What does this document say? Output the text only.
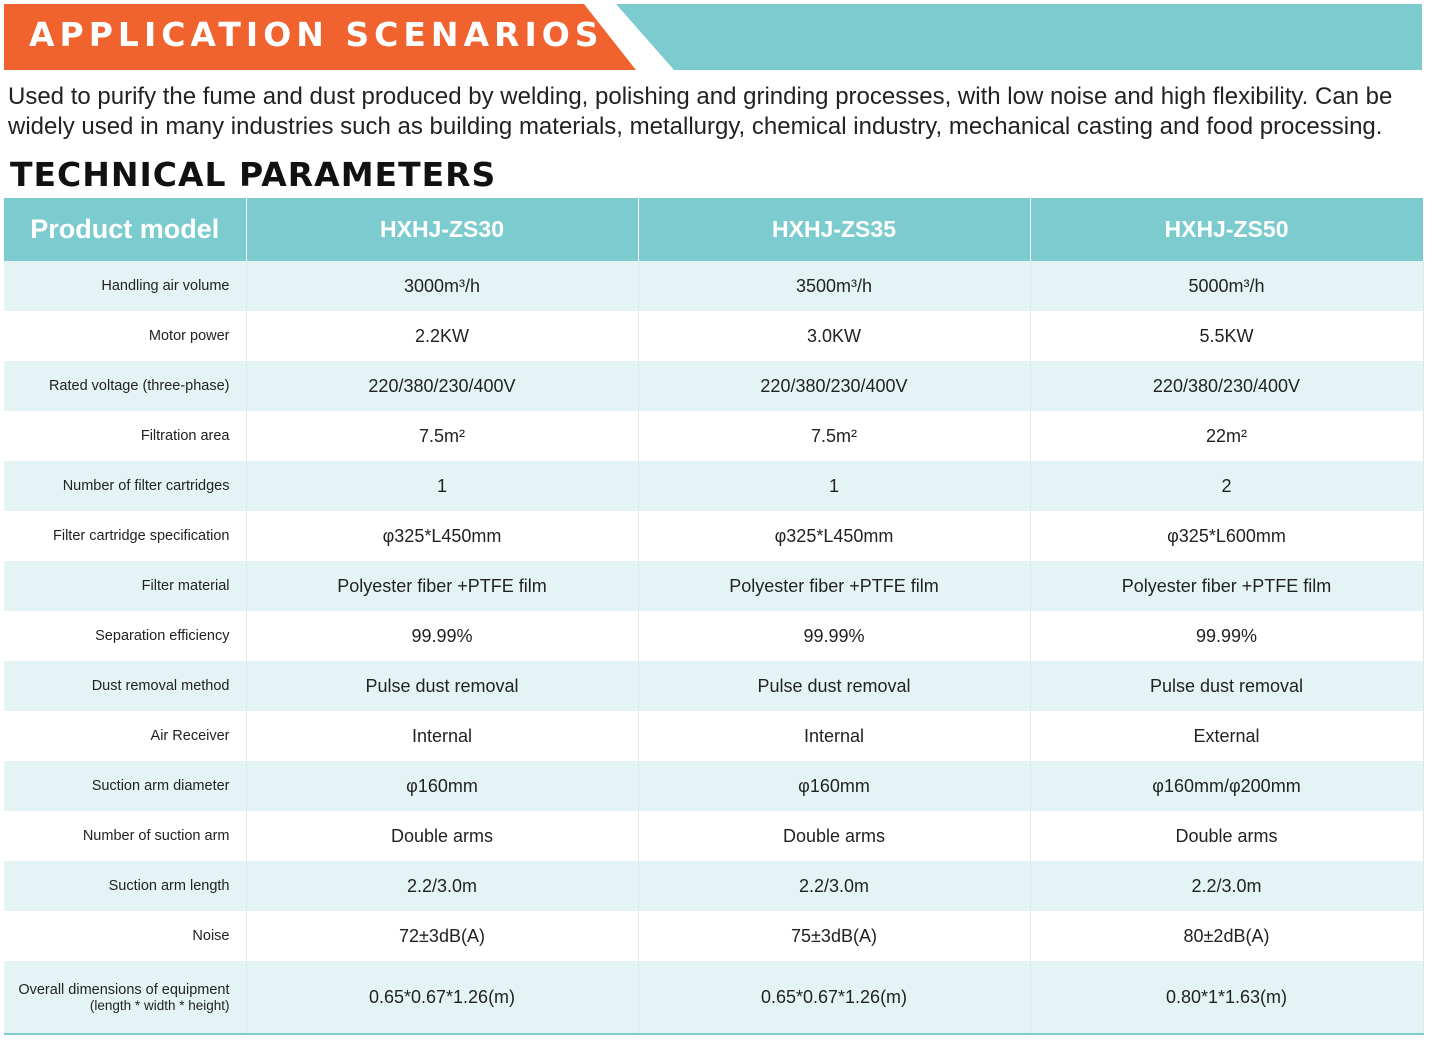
APPLICATION SCENARIOS
Used to purify the fume and dust produced by welding, polishing and grinding processes, with low noise and high flexibility. Can be widely used in many industries such as building materials, metallurgy, chemical industry, mechanical casting and food processing.
TECHNICAL PARAMETERS
Product model	HXHJ-ZS30	HXHJ-ZS35	HXHJ-ZS50

Handling air volume	3000m³/h	3500m³/h	5000m³/h

Motor power	2.2KW	3.0KW	5.5KW

Rated voltage (three-phase)	220/380/230/400V	220/380/230/400V	220/380/230/400V

Filtration area	7.5m²	7.5m²	22m²

Number of filter cartridges	1	1	2

Filter cartridge specification	φ325*L450mm	φ325*L450mm	φ325*L600mm

Filter material	Polyester fiber +PTFE film	Polyester fiber +PTFE film	Polyester fiber +PTFE film

Separation efficiency	99.99%	99.99%	99.99%

Dust removal method	Pulse dust removal	Pulse dust removal	Pulse dust removal

Air Receiver	Internal	Internal	External

Suction arm diameter	φ160mm	φ160mm	φ160mm/φ200mm

Number of suction arm	Double arms	Double arms	Double arms

Suction arm length	2.2/3.0m	2.2/3.0m	2.2/3.0m

Noise	72±3dB(A)	75±3dB(A)	80±2dB(A)

Overall dimensions of equipment
(length * width * height)	0.65*0.67*1.26(m)	0.65*0.67*1.26(m)	0.80*1*1.63(m)
